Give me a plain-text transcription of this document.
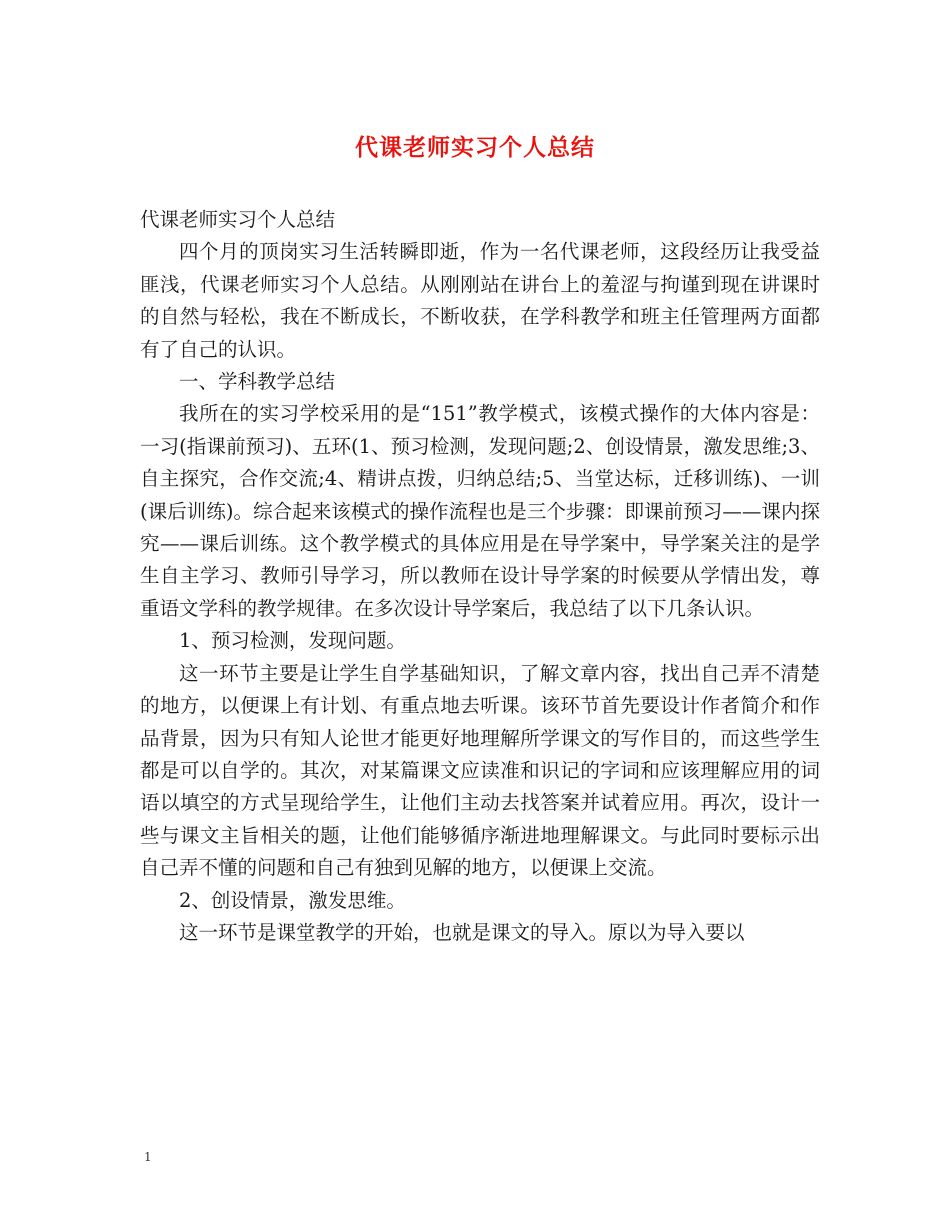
代课老师实习个人总结

代课老师实习个人总结

四个月的顶岗实习生活转瞬即逝，作为一名代课老师，这段经历让我受益匪浅，代课老师实习个人总结。从刚刚站在讲台上的羞涩与拘谨到现在讲课时的自然与轻松，我在不断成长，不断收获，在学科教学和班主任管理两方面都有了自己的认识。

一、学科教学总结

我所在的实习学校采用的是“151”教学模式，该模式操作的大体内容是：一习(指课前预习)、五环(1、预习检测，发现问题;2、创设情景，激发思维;3、自主探究，合作交流;4、精讲点拨，归纳总结;5、当堂达标，迁移训练)、一训(课后训练)。综合起来该模式的操作流程也是三个步骤：即课前预习——课内探究——课后训练。这个教学模式的具体应用是在导学案中，导学案关注的是学生自主学习、教师引导学习，所以教师在设计导学案的时候要从学情出发，尊重语文学科的教学规律。在多次设计导学案后，我总结了以下几条认识。

1、预习检测，发现问题。

这一环节主要是让学生自学基础知识，了解文章内容，找出自己弄不清楚的地方，以便课上有计划、有重点地去听课。该环节首先要设计作者简介和作品背景，因为只有知人论世才能更好地理解所学课文的写作目的，而这些学生都是可以自学的。其次，对某篇课文应读准和识记的字词和应该理解应用的词语以填空的方式呈现给学生，让他们主动去找答案并试着应用。再次，设计一些与课文主旨相关的题，让他们能够循序渐进地理解课文。与此同时要标示出自己弄不懂的问题和自己有独到见解的地方，以便课上交流。

2、创设情景，激发思维。

这一环节是课堂教学的开始，也就是课文的导入。原以为导入要以

1
